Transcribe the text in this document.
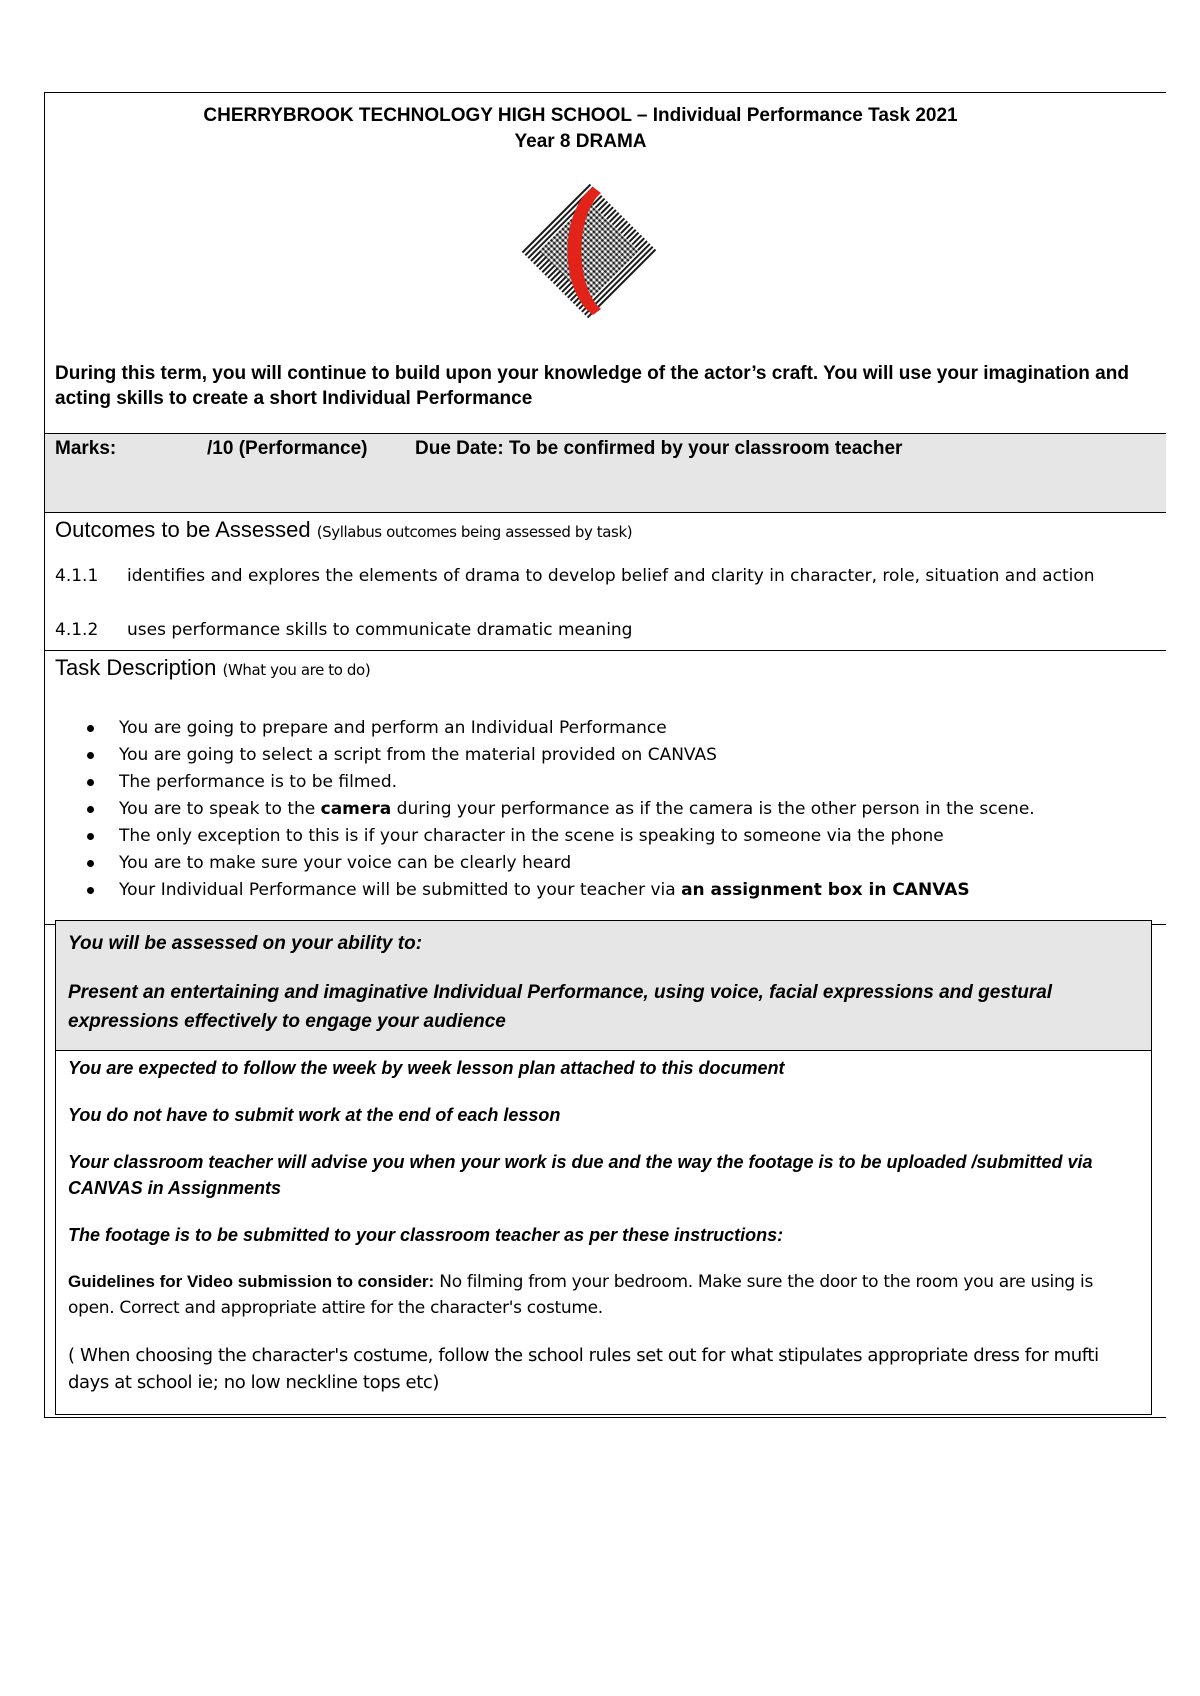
CHERRYBROOK TECHNOLOGY HIGH SCHOOL – Individual Performance Task 2021
Year 8 DRAMA
During this term, you will continue to build upon your knowledge of the actor’s craft. You will use your imagination and acting skills to create a short Individual Performance
Marks:	/10 (Performance) Due Date: To be confirmed by your classroom teacher
Outcomes to be Assessed (Syllabus outcomes being assessed by task)
4.1.1 identifies and explores the elements of drama to develop belief and clarity in character, role, situation and action
4.1.2 uses performance skills to communicate dramatic meaning
Task Description (What you are to do)
You are going to prepare and perform an Individual Performance
You are going to select a script from the material provided on CANVAS
The performance is to be filmed.
You are to speak to the camera during your performance as if the camera is the other person in the scene.
The only exception to this is if your character in the scene is speaking to someone via the phone
You are to make sure your voice can be clearly heard
Your Individual Performance will be submitted to your teacher via an assignment box in CANVAS

You will be assessed on your ability to:

Present an entertaining and imaginative Individual Performance, using voice, facial expressions and gestural expressions effectively to engage your audience

You are expected to follow the week by week lesson plan attached to this document

You do not have to submit work at the end of each lesson

Your classroom teacher will advise you when your work is due and the way the footage is to be uploaded /submitted via CANVAS in Assignments

The footage is to be submitted to your classroom teacher as per these instructions:

Guidelines for Video submission to consider: No filming from your bedroom. Make sure the door to the room you are using is open. Correct and appropriate attire for the character's costume.

( When choosing the character's costume, follow the school rules set out for what stipulates appropriate dress for mufti days at school ie; no low neckline tops etc)
